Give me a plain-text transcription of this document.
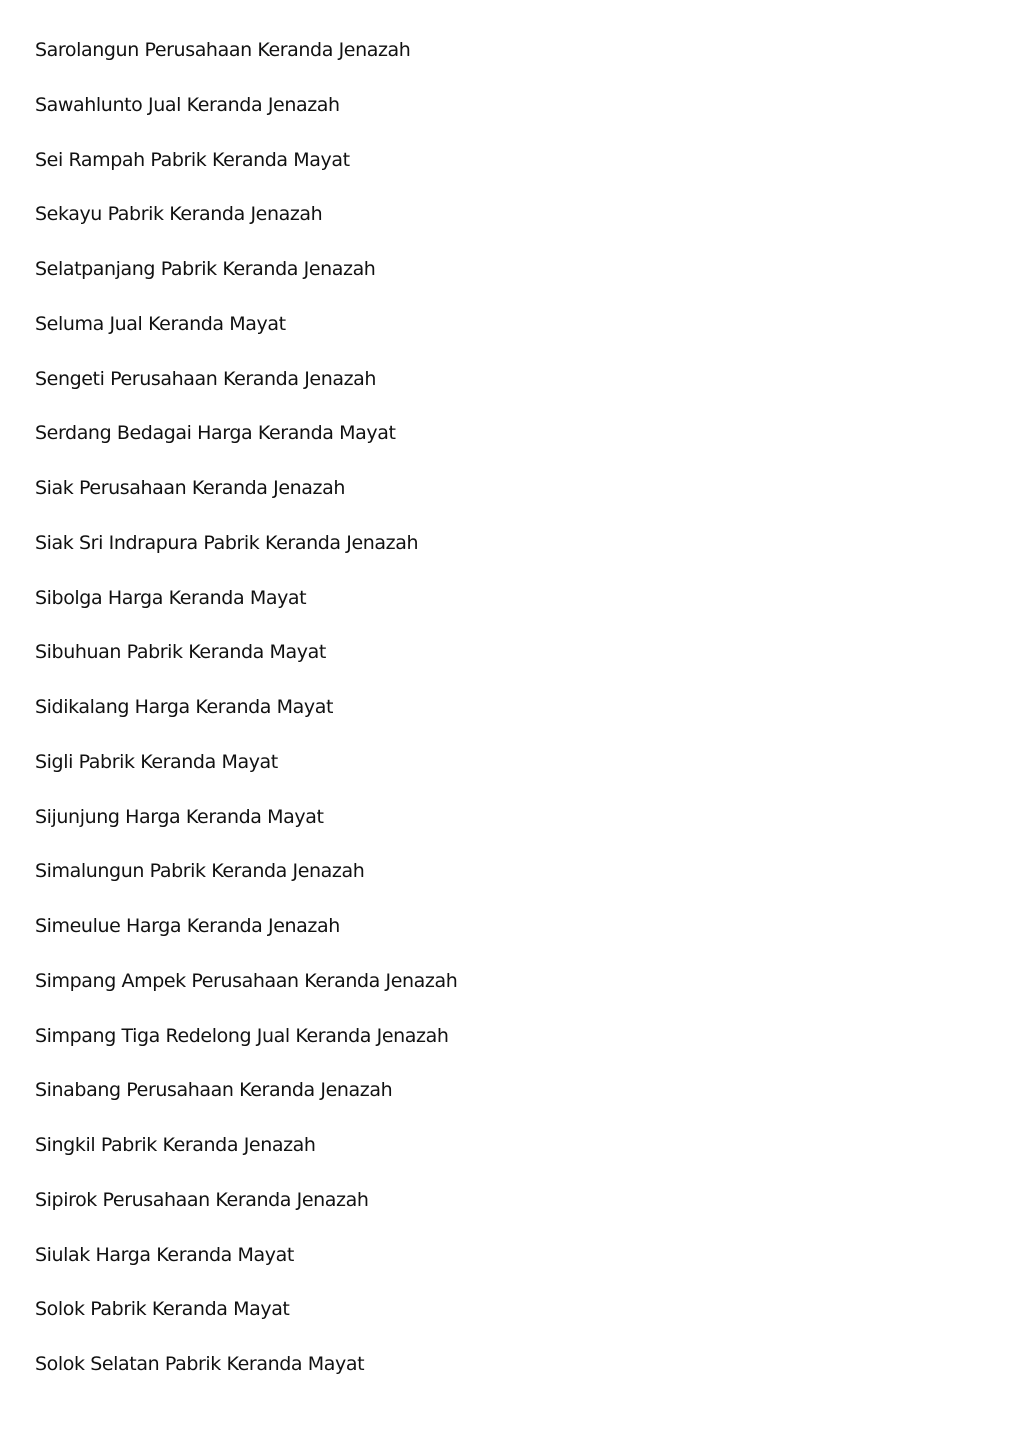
Sarolangun Perusahaan Keranda Jenazah
Sawahlunto Jual Keranda Jenazah
Sei Rampah Pabrik Keranda Mayat
Sekayu Pabrik Keranda Jenazah
Selatpanjang Pabrik Keranda Jenazah
Seluma Jual Keranda Mayat
Sengeti Perusahaan Keranda Jenazah
Serdang Bedagai Harga Keranda Mayat
Siak Perusahaan Keranda Jenazah
Siak Sri Indrapura Pabrik Keranda Jenazah
Sibolga Harga Keranda Mayat
Sibuhuan Pabrik Keranda Mayat
Sidikalang Harga Keranda Mayat
Sigli Pabrik Keranda Mayat
Sijunjung Harga Keranda Mayat
Simalungun Pabrik Keranda Jenazah
Simeulue Harga Keranda Jenazah
Simpang Ampek Perusahaan Keranda Jenazah
Simpang Tiga Redelong Jual Keranda Jenazah
Sinabang Perusahaan Keranda Jenazah
Singkil Pabrik Keranda Jenazah
Sipirok Perusahaan Keranda Jenazah
Siulak Harga Keranda Mayat
Solok Pabrik Keranda Mayat
Solok Selatan Pabrik Keranda Mayat
